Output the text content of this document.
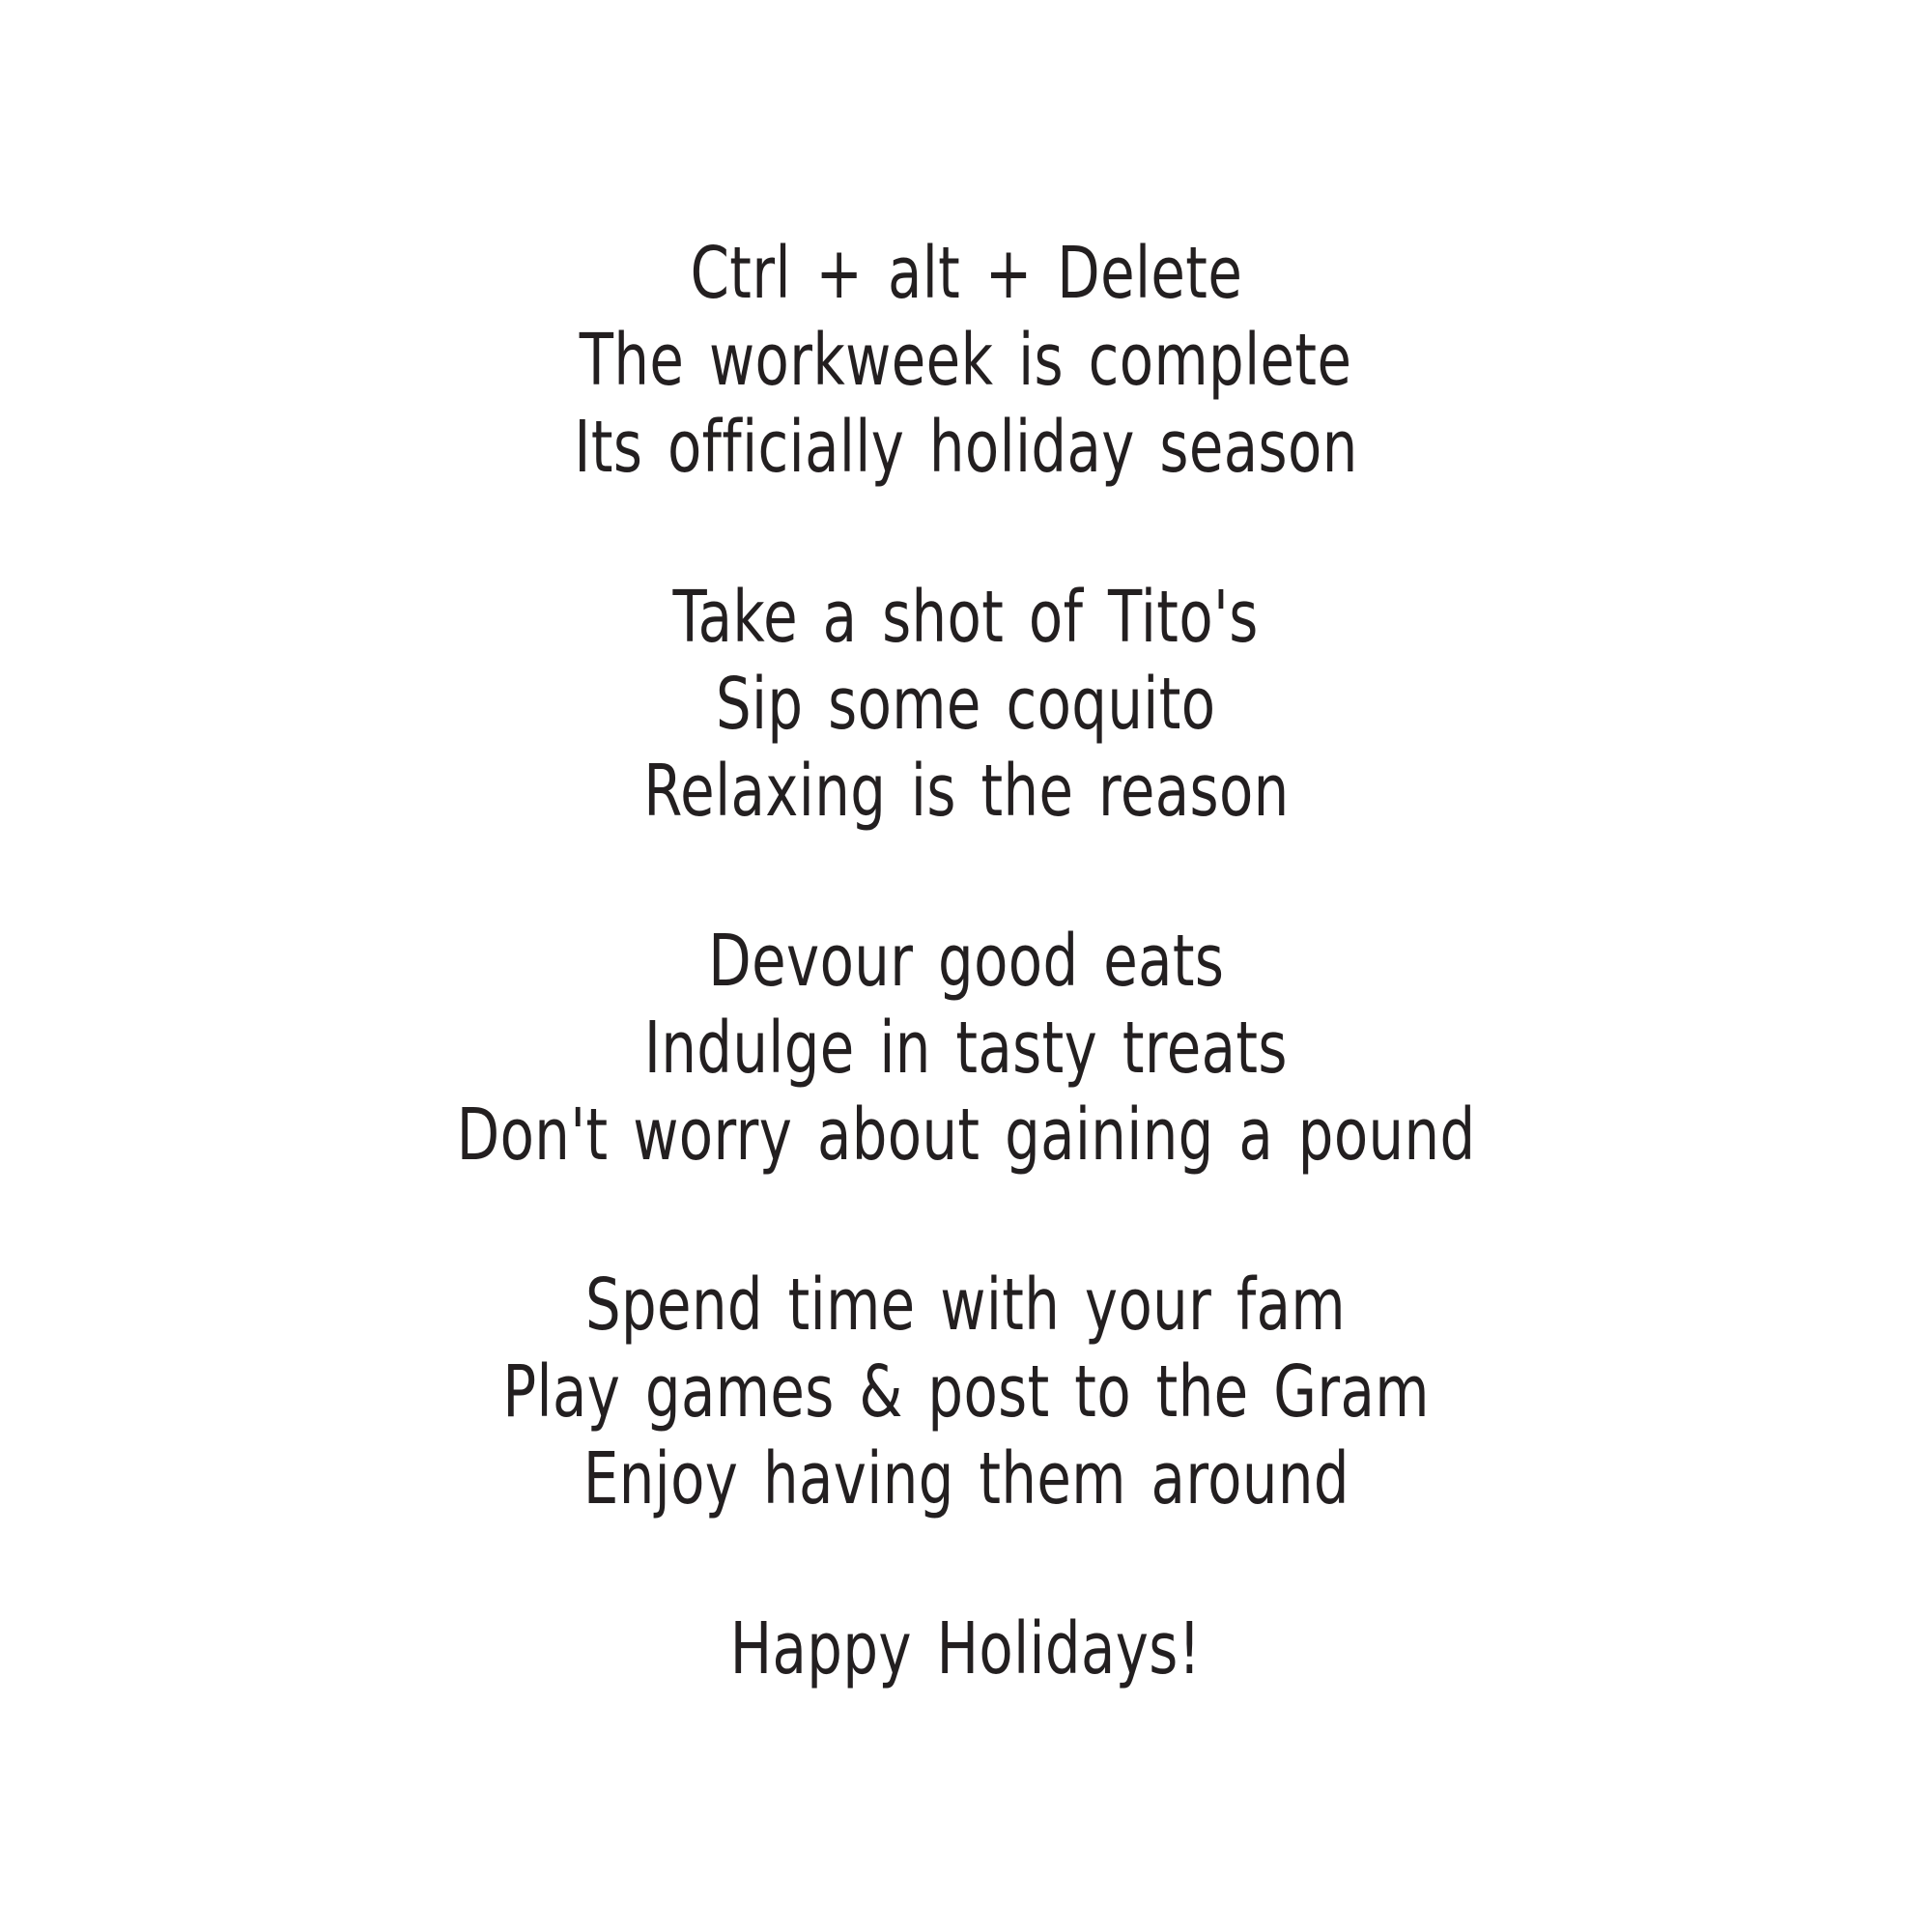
Ctrl + alt + Delete
The workweek is complete
Its officially holiday season
Take a shot of Tito's
Sip some coquito
Relaxing is the reason
Devour good eats
Indulge in tasty treats
Don't worry about gaining a pound
Spend time with your fam
Play games & post to the Gram
Enjoy having them around
Happy Holidays!
